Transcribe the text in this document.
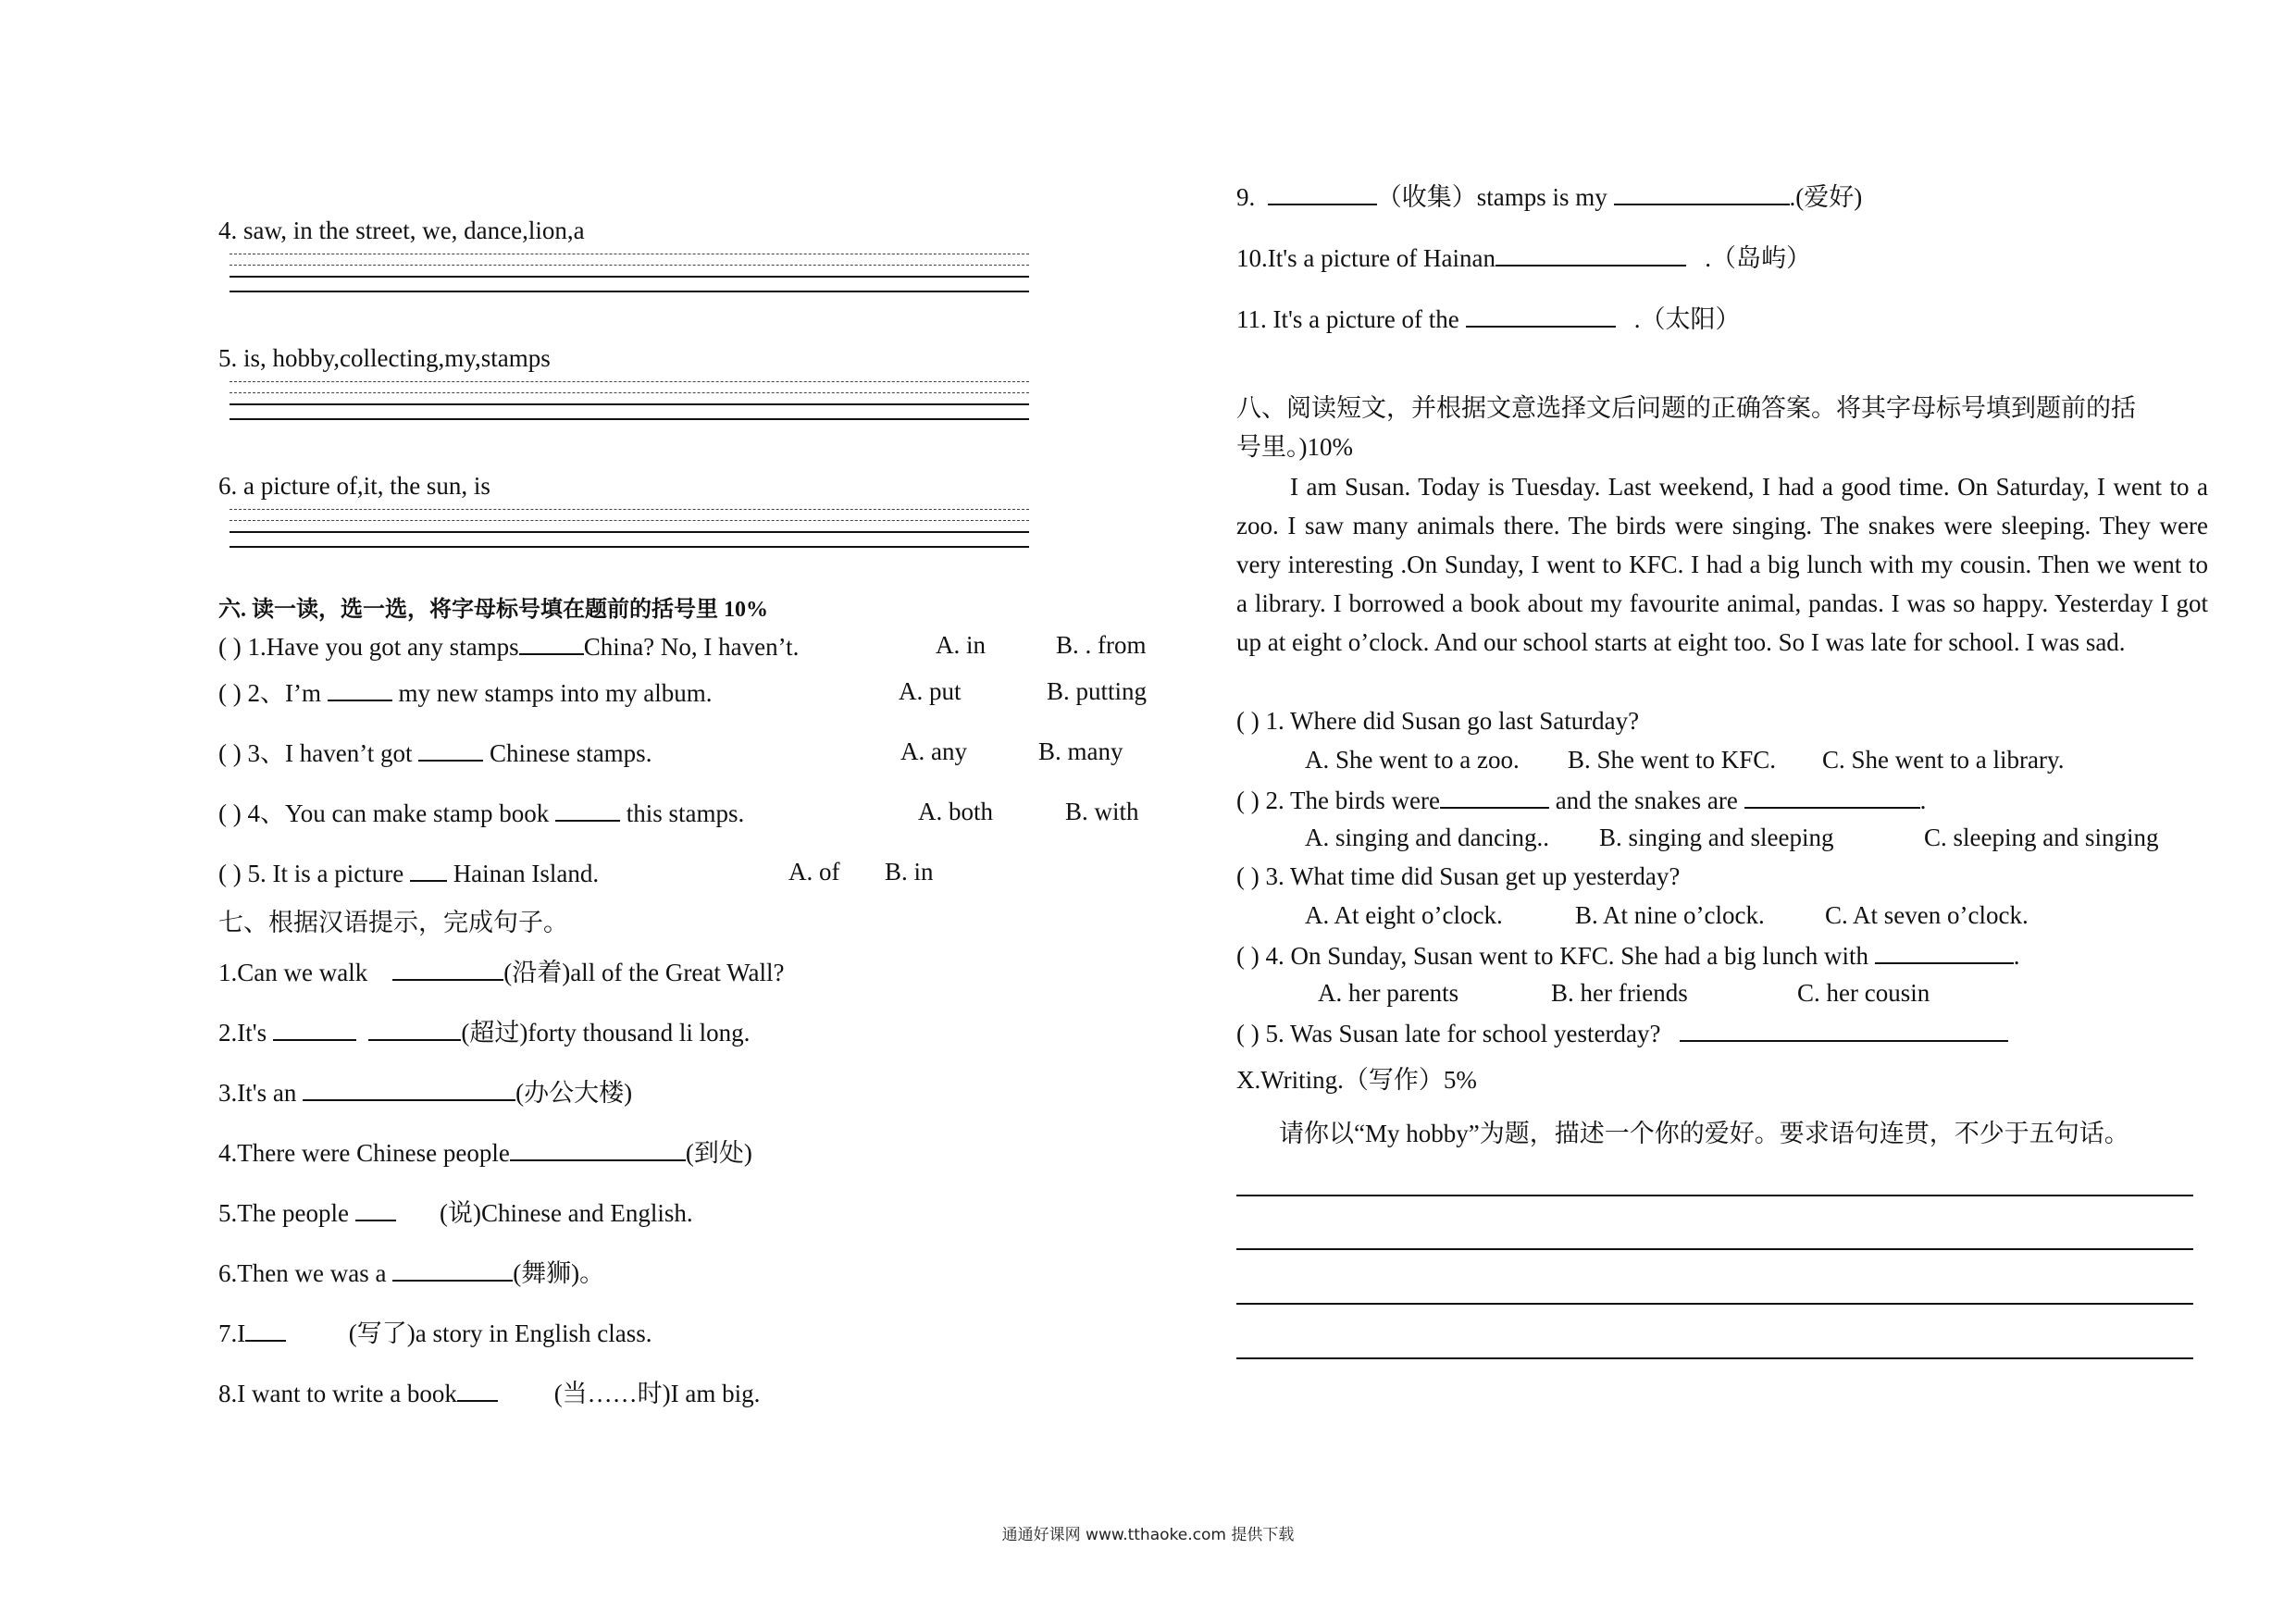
4. saw, in the street, we, dance,lion,a
5. is, hobby,collecting,my,stamps
6. a picture of,it, the sun, is
六. 读一读，选一选，将字母标号填在题前的括号里 10%
( ) 1.Have you got any stamps	China? No, I haven’t.	A. in	B. . from
( ) 2、I’m	my new stamps into my album.	A. put	B. putting
( ) 3、I haven’t got	Chinese stamps.	A. any	B. many
( ) 4、You can make stamp book	this stamps.	A. both	B. with
( ) 5. It is a picture Hainan Island.	A. of B. in
七、根据汉语提示，完成句子。
1.Can we walk	(沿着)all of the Great Wall?
2.It's	(超过)forty thousand li long.
3.It's an	(办公大楼)
4.There were Chinese people	(到处)
5.The people	(说)Chinese and English.
6.Then we was a	(舞狮)。
7.I	(写了)a story in English class.
8.I want to write a book	(当……时)I am big.
9.	（收集）stamps is my	.(爱好)
10.It's a picture of Hainan	.（岛屿）
11. It's a picture of the	.（太阳）
八、阅读短文，并根据文意选择文后问题的正确答案。将其字母标号填到题前的括
号里。)10%
I am Susan. Today is Tuesday. Last weekend, I had a good time. On Saturday, I went to a zoo. I saw many animals there. The birds were singing. The snakes were sleeping. They were very interesting .On Sunday, I went to KFC. I had a big lunch with my cousin. Then we went to a library. I borrowed a book about my favourite animal, pandas. I was so happy. Yesterday I got up at eight o’clock. And our school starts at eight too. So I was late for school. I was sad.
( ) 1. Where did Susan go last Saturday?
A. She went to a zoo. B. She went to KFC. C. She went to a library.
( ) 2. The birds were	and the snakes are	.
A. singing and dancing.. B. singing and sleeping	C. sleeping and singing
( ) 3. What time did Susan get up yesterday?
A. At eight o’clock.	B. At nine o’clock. C. At seven o’clock.
( ) 4. On Sunday, Susan went to KFC. She had a big lunch with	.
A. her parents	B. her friends	C. her cousin
( ) 5. Was Susan late for school yesterday?
X.Writing.（写作）5%
请你以“My hobby”为题，描述一个你的爱好。要求语句连贯，不少于五句话。
通通好课网 www.tthaoke.com 提供下载
